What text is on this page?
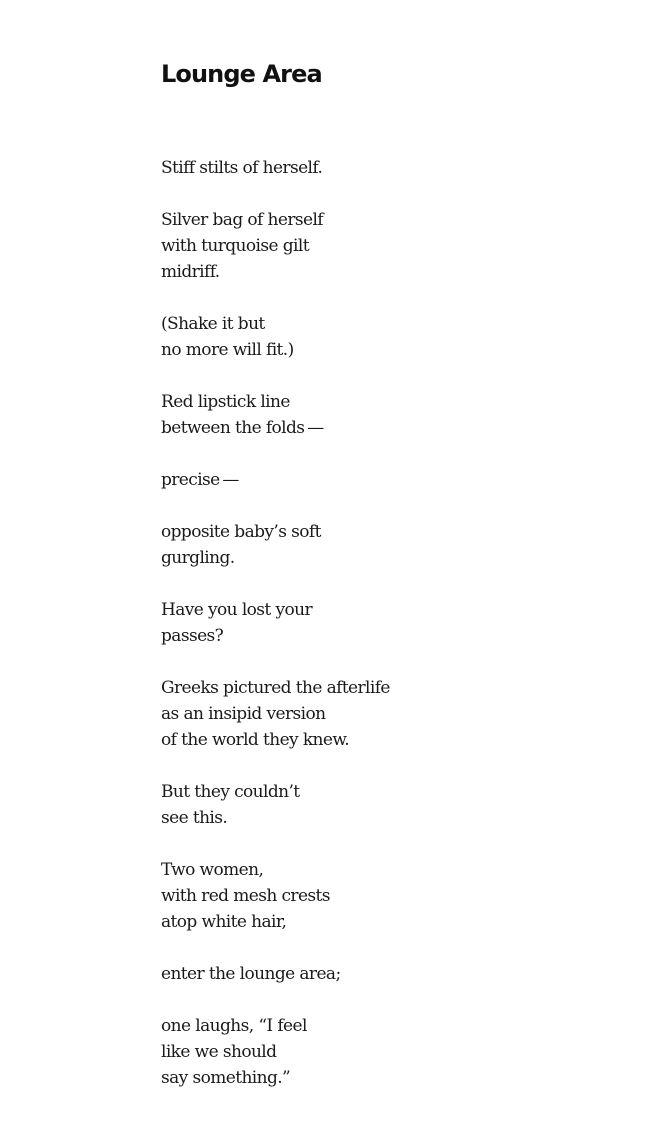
Lounge Area

Stiff stilts of herself.

Silver bag of herself
with turquoise gilt
midriff.

(Shake it but
no more will fit.)

Red lipstick line
between the folds —

precise —

opposite baby’s soft
gurgling.

Have you lost your
passes?

Greeks pictured the afterlife
as an insipid version
of the world they knew.

But they couldn’t
see this.

Two women,
with red mesh crests
atop white hair,

enter the lounge area;

one laughs, “I feel
like we should
say something.”
